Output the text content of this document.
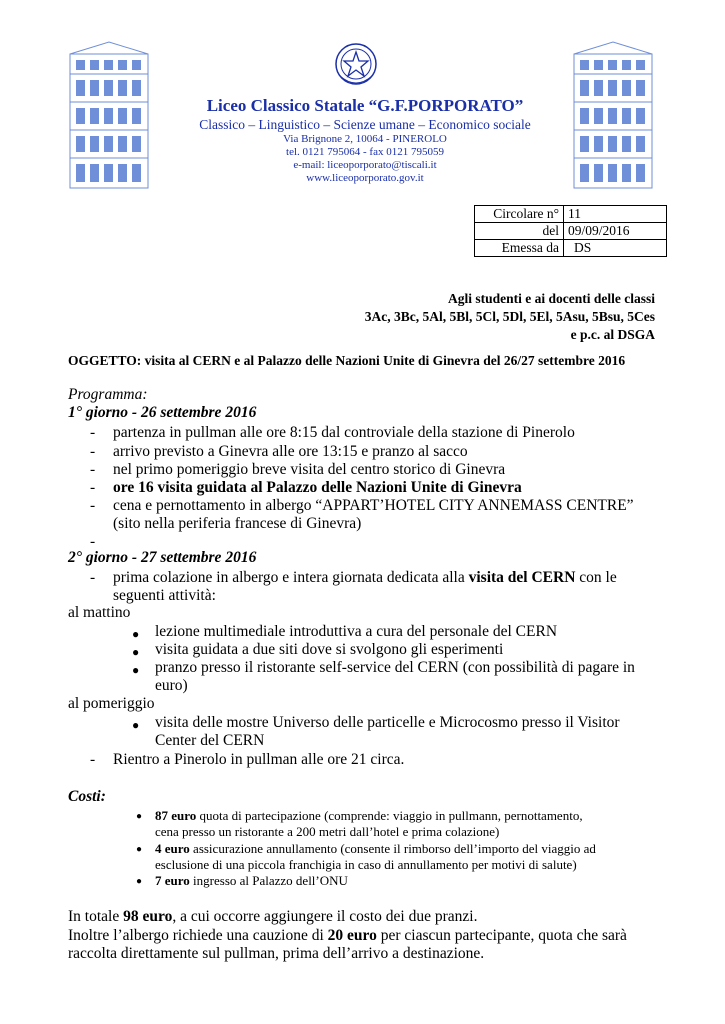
Liceo Classico Statale “G.F.PORPORATO”
Classico – Linguistico – Scienze umane – Economico sociale
Via Brignone 2, 10064 - PINEROLO
tel. 0121 795064 - fax 0121 795059
e-mail: liceoporporato@tiscali.it
www.liceoporporato.gov.it
Circolare n°	11
del	09/09/2016
Emessa da	DS
Agli studenti e ai docenti delle classi
3Ac, 3Bc, 5Al, 5Bl, 5Cl, 5Dl, 5El, 5Asu, 5Bsu, 5Ces
e p.c. al DSGA
OGGETTO: visita al CERN e al Palazzo delle Nazioni Unite di Ginevra del 26/27 settembre 2016
Programma:
1° giorno - 26 settembre 2016
- partenza in pullman alle ore 8:15 dal controviale della stazione di Pinerolo
- arrivo previsto a Ginevra alle ore 13:15 e pranzo al sacco
- nel primo pomeriggio breve visita del centro storico di Ginevra
- ore 16 visita guidata al Palazzo delle Nazioni Unite di Ginevra
- cena e pernottamento in albergo “APPART’HOTEL CITY ANNEMASS CENTRE”
(sito nella periferia francese di Ginevra)
-
2° giorno - 27 settembre 2016
- prima colazione in albergo e intera giornata dedicata alla visita del CERN con le
seguenti attività:
al mattino
● lezione multimediale introduttiva a cura del personale del CERN
● visita guidata a due siti dove si svolgono gli esperimenti
● pranzo presso il ristorante self-service del CERN (con possibilità di pagare in
euro)
al pomeriggio
● visita delle mostre Universo delle particelle e Microcosmo presso il Visitor
Center del CERN
- Rientro a Pinerolo in pullman alle ore 21 circa.
Costi:
● 87 euro quota di partecipazione (comprende: viaggio in pullmann, pernottamento,
cena presso un ristorante a 200 metri dall’hotel e prima colazione)
● 4 euro assicurazione annullamento (consente il rimborso dell’importo del viaggio ad
esclusione di una piccola franchigia in caso di annullamento per motivi di salute)
● 7 euro ingresso al Palazzo dell’ONU
In totale 98 euro, a cui occorre aggiungere il costo dei due pranzi.
Inoltre l’albergo richiede una cauzione di 20 euro per ciascun partecipante, quota che sarà
raccolta direttamente sul pullman, prima dell’arrivo a destinazione.
